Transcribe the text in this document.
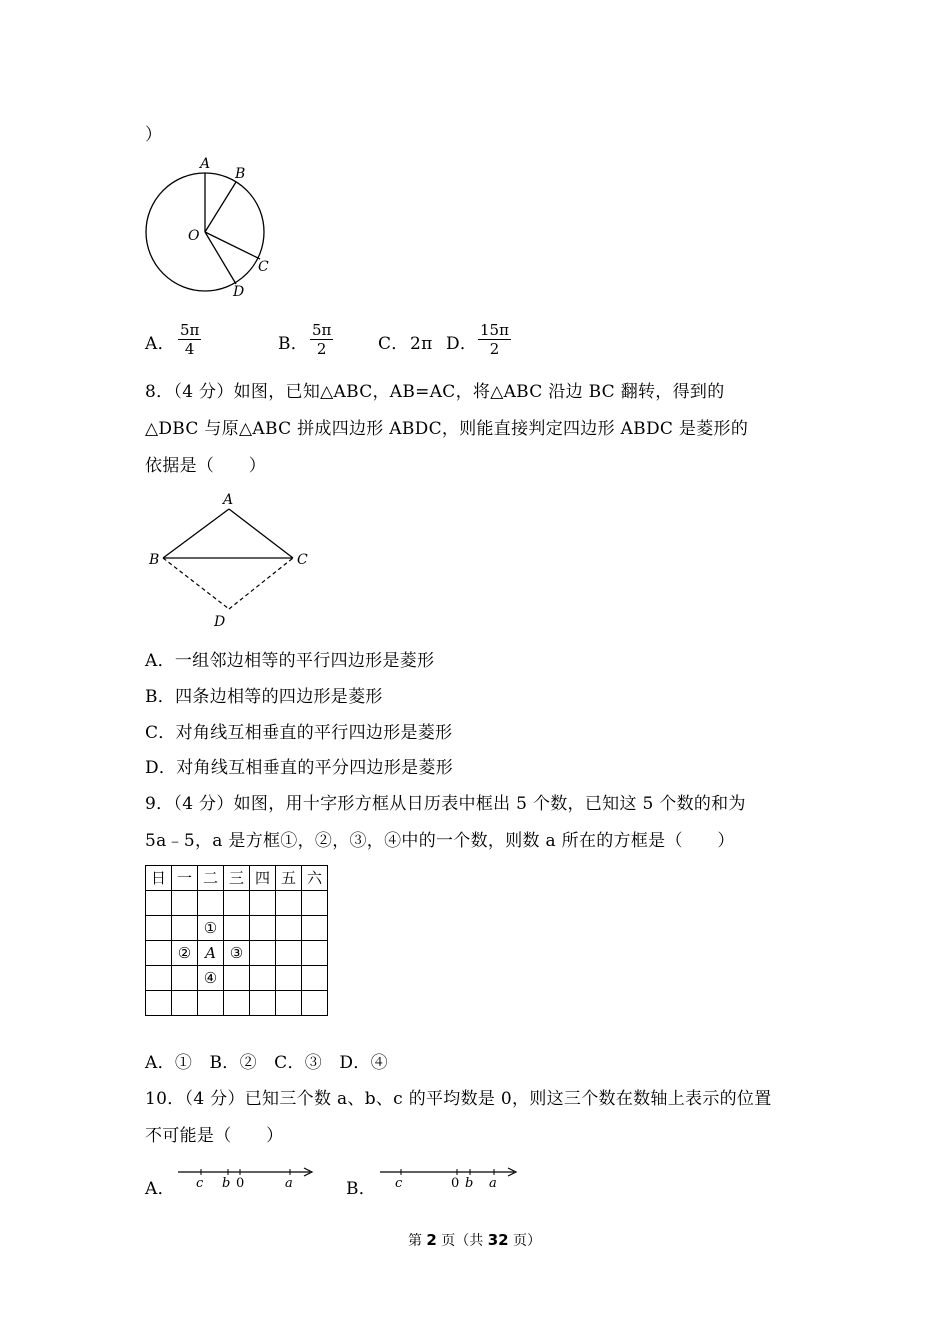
）
A
B
O
C
D
A． $\frac{5\pi}{4}$	B． $\frac{5\pi}{2}$	C． 2π D． $\frac{15\pi}{2}$
8．（4 分）如图，已知△ABC，AB=AC，将△ABC 沿边 BC 翻转，得到的
△DBC 与原△ABC 拼成四边形 ABDC，则能直接判定四边形 ABDC 是菱形的
依据是（　　）
A
B	C
D
A．一组邻边相等的平行四边形是菱形
B．四条边相等的四边形是菱形
C．对角线互相垂直的平行四边形是菱形
D．对角线互相垂直的平分四边形是菱形
9．（4 分）如图，用十字形方框从日历表中框出 5 个数，已知这 5 个数的和为
5a﹣5，a 是方框①，②，③，④中的一个数，则数 a 所在的方框是（　　）
日	一	二	三	四	五	六

		①				
	②	A	③			
		④				

A．①　B．②　C．③　D．④
10．（4 分）已知三个数 a、b、c 的平均数是 0，则这三个数在数轴上表示的位置
不可能是（　　）
A． c b 0	a	B． c	0 b a
第 2 页（共 32 页）
